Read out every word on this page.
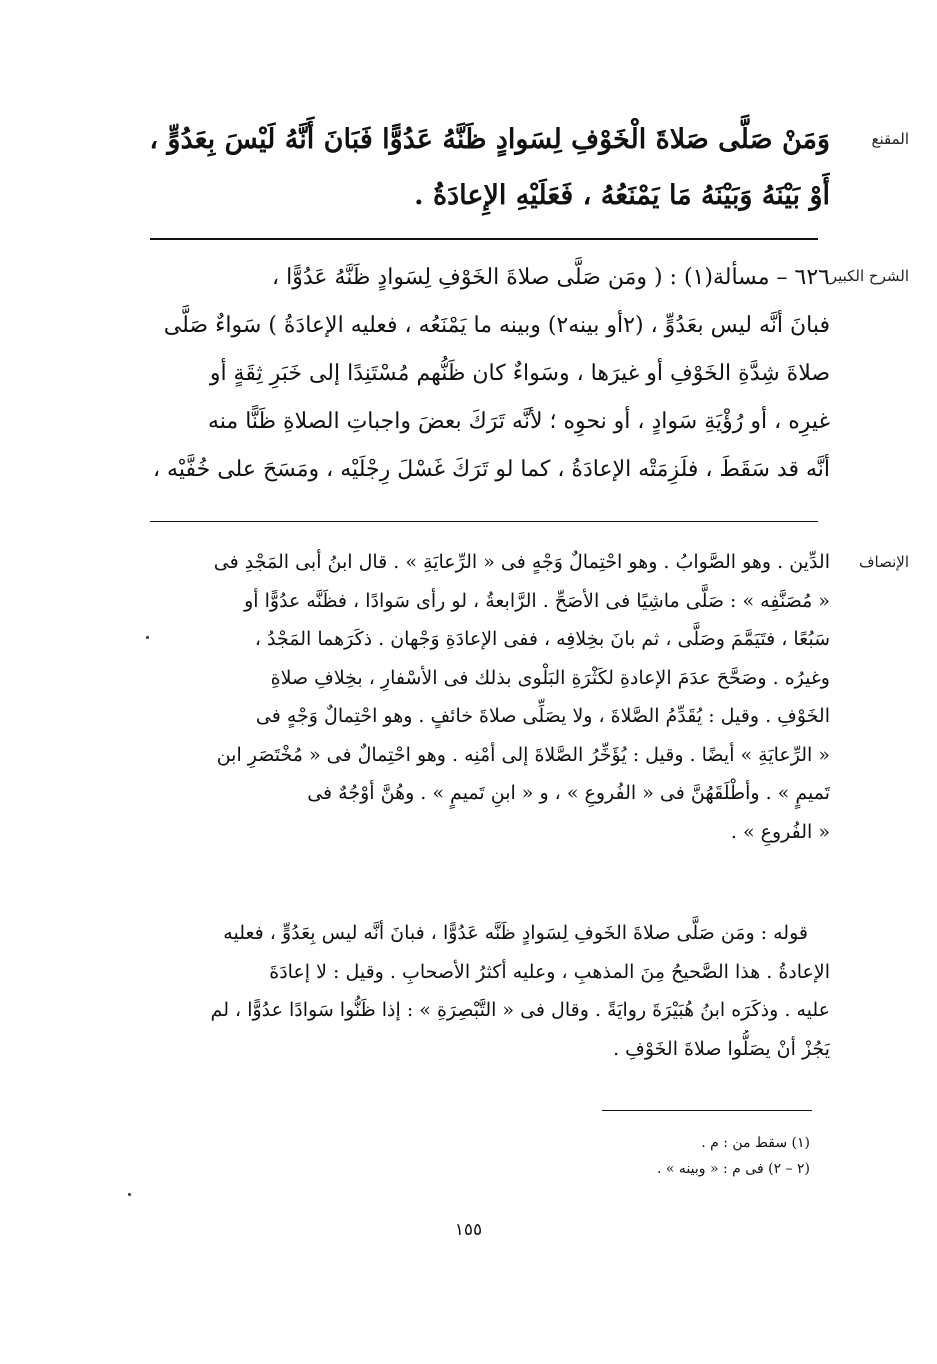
المقنع
وَمَنْ صَلَّى صَلاةَ الْخَوْفِ لِسَوادٍ ظَنَّهُ عَدُوًّا فَبَانَ أَنَّهُ لَيْسَ بِعَدُوٍّ ،
أَوْ بَيْنَهُ وَبَيْنَهُ مَا يَمْنَعُهُ ، فَعَلَيْهِ الإِعادَةُ .
الشرح الكبير
٦٢٦ – مسألة(١) : ( ومَن صَلَّى صلاةَ الخَوْفِ لِسَوادٍ ظَنَّهُ عَدُوًّا ،
فبانَ أنَّه ليس بعَدُوٍّ ، (٢أو بينه٢) وبينه ما يَمْنَعُه ، فعليه الإعادَةُ ) سَواءٌ صَلَّى
صلاةَ شِدَّةِ الخَوْفِ أو غيرَها ، وسَواءٌ كان ظَنُّهم مُسْتَنِدًا إلى خَبَرِ ثِقَةٍ أو
غيرِه ، أو رُؤْيَةِ سَوادٍ ، أو نحوِه ؛ لأنَّه تَرَكَ بعضَ واجباتِ الصلاةِ ظَنًّا منه
أنَّه قد سَقَطَ ، فلَزِمَتْه الإعادَةُ ، كما لو تَرَكَ غَسْلَ رِجْلَيْه ، ومَسَحَ على خُفَّيْه ،
الإنصاف
الدِّين . وهو الصَّوابُ . وهو احْتِمالٌ وَجْهٍ فى « الرِّعايَةِ » . قال ابنُ أبى المَجْدِ فى
« مُصَنَّفِه » : صَلَّى ماشِيًا فى الأصَحِّ . الرَّابعةُ ، لو رأى سَوادًا ، فظَنَّه عدُوًّا أو
سَبُعًا ، فتَيَمَّمَ وصَلَّى ، ثم بانَ بخِلافِه ، ففى الإعادَةِ وَجْهان . ذكَرَهما المَجْدُ ،
وغيرُه . وصَحَّحَ عدَمَ الإعادةِ لكَثْرَةِ البَلْوى بذلك فى الأسْفارِ ، بخِلافِ صلاةِ
الخَوْفِ . وقيل : يُقَدِّمُ الصَّلاةَ ، ولا يصَلِّى صلاةَ خائفٍ . وهو احْتِمالٌ وَجْهٍ فى
« الرِّعايَةِ » أيضًا . وقيل : يُؤَخِّرُ الصَّلاةَ إلى أمْنِه . وهو احْتِمالٌ فى « مُخْتَصَرِ ابن
تَميمٍ » . وأطْلَقَهُنَّ فى « الفُروعِ » ، و « ابنِ تَميمٍ » . وهُنَّ أوْجُهٌ فى
« الفُروعِ » .
قوله : ومَن صَلَّى صلاةَ الخَوفِ لِسَوادٍ ظَنَّه عَدُوًّا ، فبانَ أنَّه ليس بِعَدُوٍّ ، فعليه
الإعادةُ . هذا الصَّحيحُ مِنَ المذهبِ ، وعليه أكثرُ الأصحابِ . وقيل : لا إعادَةَ
عليه . وذكَرَه ابنُ هُبَيْرَةَ روايَةً . وقال فى « التَّبْصِرَةِ » : إذا ظَنُّوا سَوادًا عدُوًّا ، لم
يَجُزْ أنْ يصَلُّوا صلاةَ الخَوْفِ .
(١) سقط من : م .
(٢ – ٢) فى م : « وبينه » .
١٥٥
